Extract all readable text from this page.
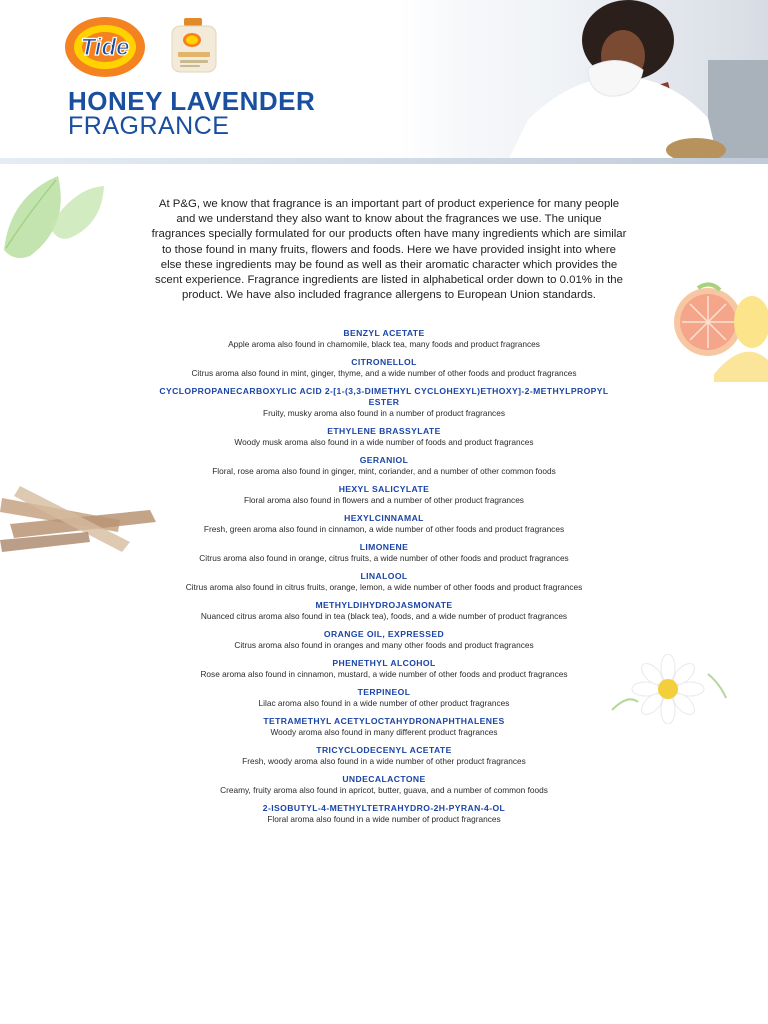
Tide
HONEY LAVENDER
FRAGRANCE

At P&G, we know that fragrance is an important part of product experience for many people and we understand they also want to know about the fragrances we use. The unique fragrances specially formulated for our products often have many ingredients which are similar to those found in many fruits, flowers and foods. Here we have provided insight into where else these ingredients may be found as well as their aromatic character which provides the scent experience. Fragrance ingredients are listed in alphabetical order down to 0.01% in the product. We have also included fragrance allergens to European Union standards.

BENZYL ACETATE
Apple aroma also found in chamomile, black tea, many foods and product fragrances
CITRONELLOL
Citrus aroma also found in mint, ginger, thyme, and a wide number of other foods and product fragrances
CYCLOPROPANECARBOXYLIC ACID 2-[1-(3,3-DIMETHYL CYCLOHEXYL)ETHOXY]-2-METHYLPROPYL ESTER
Fruity, musky aroma also found in a number of product fragrances
ETHYLENE BRASSYLATE
Woody musk aroma also found in a wide number of foods and product fragrances
GERANIOL
Floral, rose aroma also found in ginger, mint, coriander, and a number of other common foods
HEXYL SALICYLATE
Floral aroma also found in flowers and a number of other product fragrances
HEXYLCINNAMAL
Fresh, green aroma also found in cinnamon, a wide number of other foods and product fragrances
LIMONENE
Citrus aroma also found in orange, citrus fruits, a wide number of other foods and product fragrances
LINALOOL
Citrus aroma also found in citrus fruits, orange, lemon, a wide number of other foods and product fragrances
METHYLDIHYDROJASMONATE
Nuanced citrus aroma also found in tea (black tea), foods, and a wide number of product fragrances
ORANGE OIL, EXPRESSED
Citrus aroma also found in oranges and many other foods and product fragrances
PHENETHYL ALCOHOL
Rose aroma also found in cinnamon, mustard, a wide number of other foods and product fragrances
TERPINEOL
Lilac aroma also found in a wide number of other product fragrances
TETRAMETHYL ACETYLOCTAHYDRONAPHTHALENES
Woody aroma also found in many different product fragrances
TRICYCLODECENYL ACETATE
Fresh, woody aroma also found in a wide number of other product fragrances
UNDECALACTONE
Creamy, fruity aroma also found in apricot, butter, guava, and a number of common foods
2-ISOBUTYL-4-METHYLTETRAHYDRO-2H-PYRAN-4-OL
Floral aroma also found in a wide number of product fragrances
